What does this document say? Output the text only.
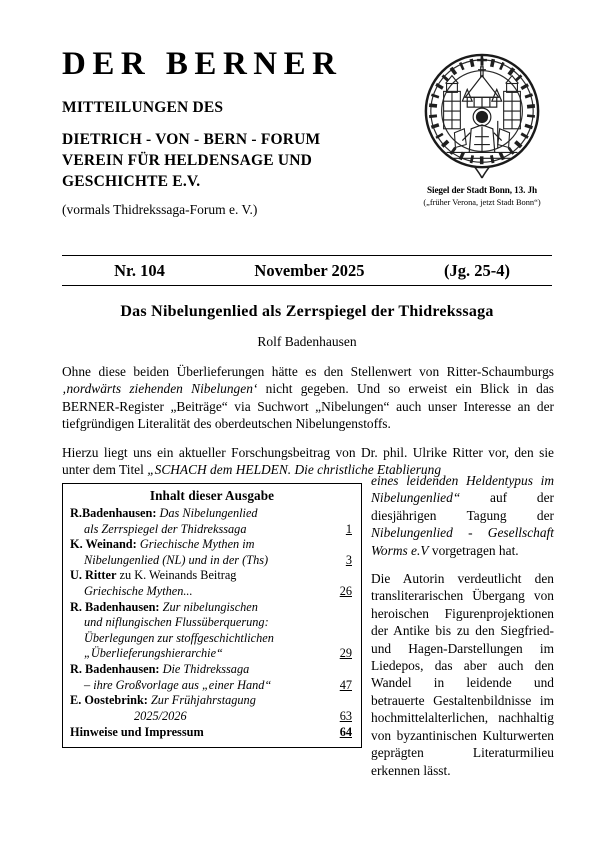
DER BERNER
MITTEILUNGEN DES
DIETRICH - VON - BERN - FORUM
VEREIN FÜR HELDENSAGE UND
GESCHICHTE E.V.
(vormals Thidrekssaga-Forum e. V.)
Siegel der Stadt Bonn, 13. Jh
(„früher Verona, jetzt Stadt Bonn“)
Nr. 104	November 2025	(Jg. 25-4)
Das Nibelungenlied als Zerrspiegel der Thidrekssaga
Rolf Badenhausen

Ohne diese beiden Überlieferungen hätte es den Stellenwert von Ritter-Schaumburgs ‚nordwärts ziehenden Nibelungen‘ nicht gegeben. Und so erweist ein Blick in das BERNER-Register „Beiträge“ via Suchwort „Nibelungen“ auch unser Interesse an der tiefgründigen Literalität des oberdeutschen Nibelungenstoffs.

Hierzu liegt uns ein aktueller Forschungsbeitrag von Dr. phil. Ulrike Ritter vor, den sie unter dem Titel „SCHACH dem HELDEN. Die christliche Etablierung

Inhalt dieser Ausgabe
R.Badenhausen: Das Nibelungenlied
als Zerrspiegel der Thidrekssaga	1
K. Weinand: Griechische Mythen im
Nibelungenlied (NL) und in der (Ths)	3
U. Ritter zu K. Weinands Beitrag
Griechische Mythen...	26
R. Badenhausen: Zur nibelungischen
und niflungischen Flussüberquerung:
Überlegungen zur stoffgeschichtlichen
„Überlieferungshierarchie“	29
R. Badenhausen: Die Thidrekssaga
– ihre Großvorlage aus „einer Hand“	47
E. Oostebrink: Zur Frühjahrstagung
2025/2026	63
Hinweise und Impressum	64

eines leidenden Heldentypus im Nibelungenlied“ auf der diesjährigen Tagung der Nibelungenlied - Gesellschaft Worms e.V vorgetragen hat.

Die Autorin verdeutlicht den transliterarischen Übergang von heroischen Figurenprojektionen der Antike bis zu den Siegfried- und Hagen-Darstellungen im Liedepos, das aber auch den Wandel in leidende und betrauerte Gestaltenbildnisse im hochmittelalterlichen, nachhaltig von byzantinischen Kulturwerten geprägten Literaturmilieu erkennen lässt.
